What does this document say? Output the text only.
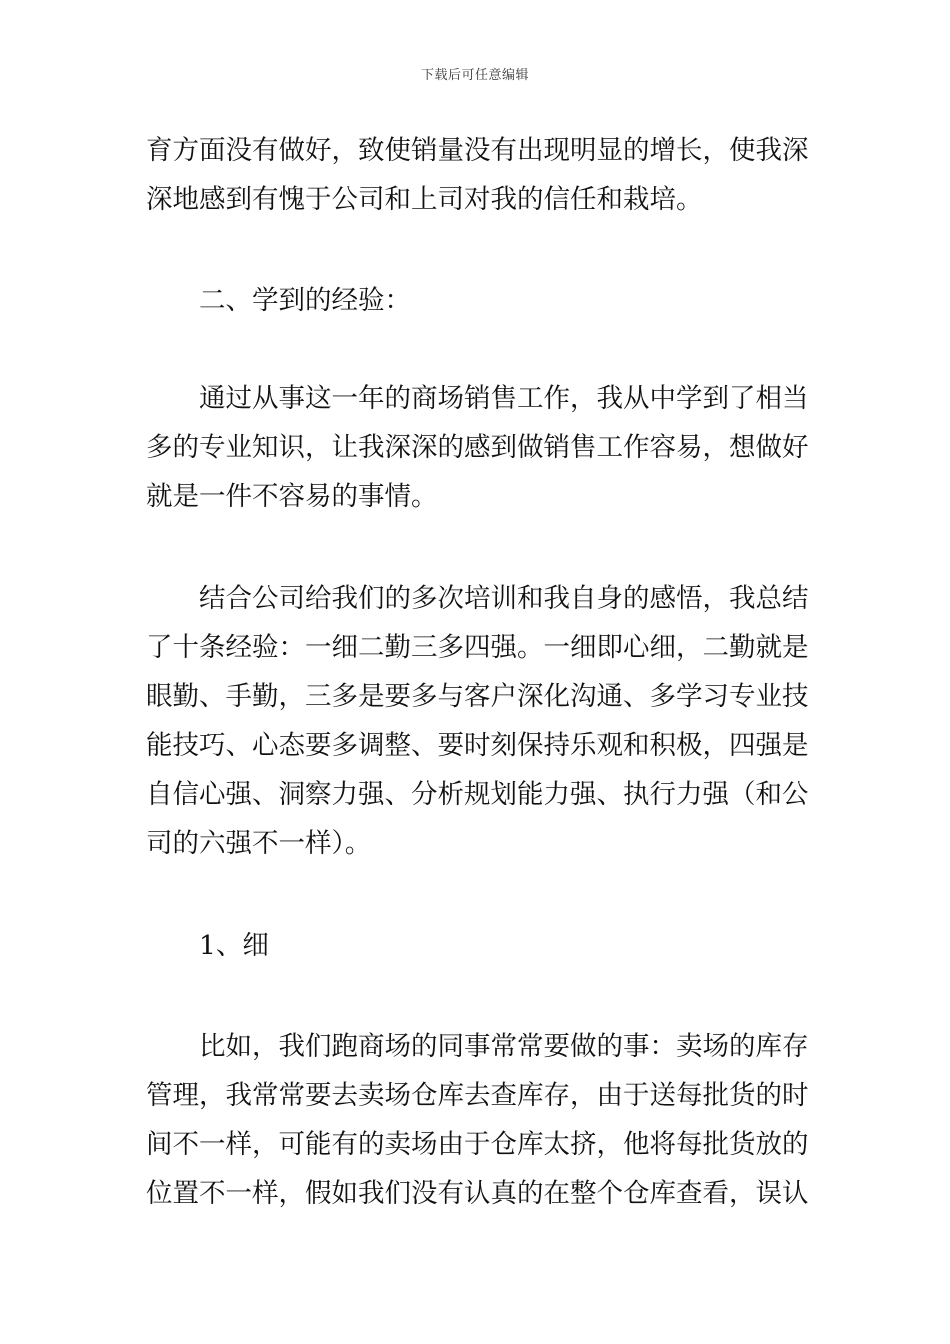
下载后可任意编辑
育方面没有做好，致使销量没有出现明显的增长，使我深
深地感到有愧于公司和上司对我的信任和栽培。
二、学到的经验：
通过从事这一年的商场销售工作，我从中学到了相当
多的专业知识，让我深深的感到做销售工作容易，想做好
就是一件不容易的事情。
结合公司给我们的多次培训和我自身的感悟，我总结
了十条经验：一细二勤三多四强。一细即心细，二勤就是
眼勤、手勤，三多是要多与客户深化沟通、多学习专业技
能技巧、心态要多调整、要时刻保持乐观和积极，四强是
自信心强、洞察力强、分析规划能力强、执行力强（和公
司的六强不一样）。
1、细
比如，我们跑商场的同事常常要做的事：卖场的库存
管理，我常常要去卖场仓库去查库存，由于送每批货的时
间不一样，可能有的卖场由于仓库太挤，他将每批货放的
位置不一样，假如我们没有认真的在整个仓库查看，误认
